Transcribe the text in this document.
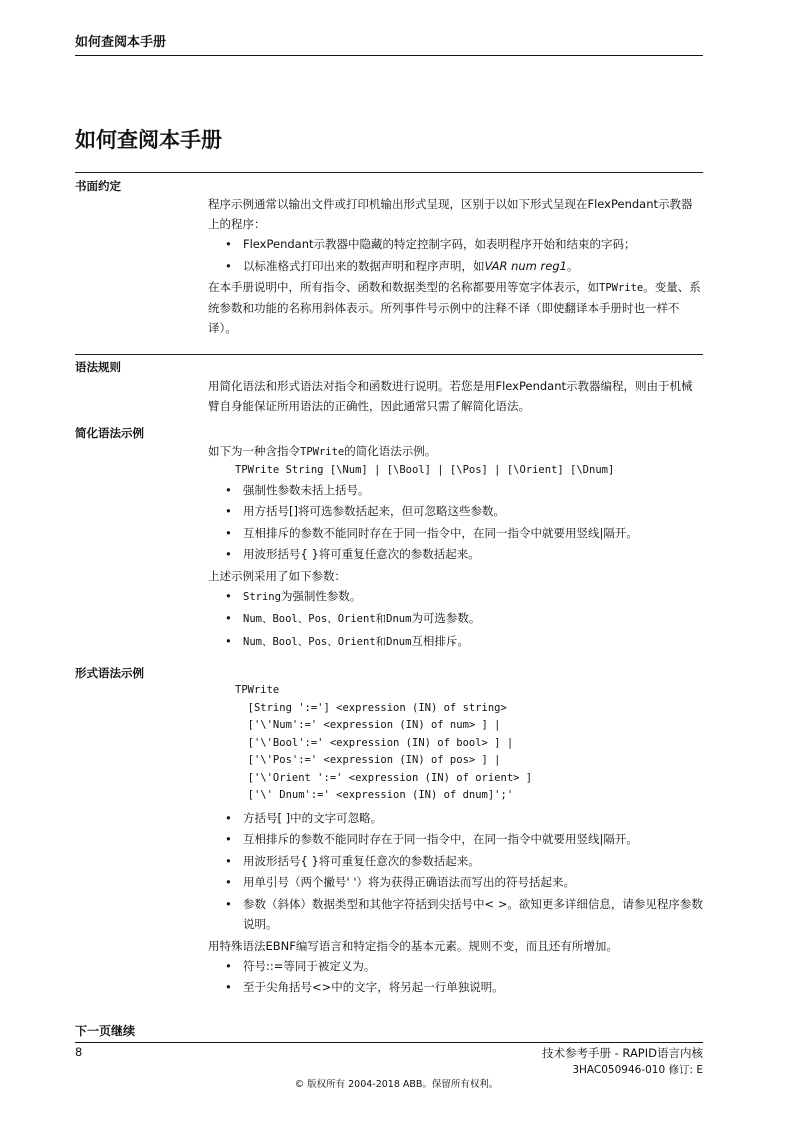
如何查阅本手册
如何查阅本手册
书面约定

程序示例通常以输出文件或打印机输出形式呈现，区别于以如下形式呈现在FlexPendant示教器上的程序：

• FlexPendant示教器中隐藏的特定控制字码，如表明程序开始和结束的字码；
• 以标准格式打印出来的数据声明和程序声明，如VAR num reg1。

在本手册说明中，所有指令、函数和数据类型的名称都要用等宽字体表示，如TPWrite。变量、系统参数和功能的名称用斜体表示。所列事件号示例中的注释不译（即使翻译本手册时也一样不译）。

语法规则

用简化语法和形式语法对指令和函数进行说明。若您是用FlexPendant示教器编程，则由于机械臂自身能保证所用语法的正确性，因此通常只需了解简化语法。

简化语法示例

如下为一种含指令TPWrite的简化语法示例。

TPWrite String [\Num] | [\Bool] | [\Pos] | [\Orient] [\Dnum]

• 强制性参数未括上括号。
• 用方括号[]将可选参数括起来，但可忽略这些参数。
• 互相排斥的参数不能同时存在于同一指令中，在同一指令中就要用竖线|隔开。
• 用波形括号{ }将可重复任意次的参数括起来。

上述示例采用了如下参数：

• String为强制性参数。
• Num、Bool、Pos、Orient和Dnum为可选参数。
• Num、Bool、Pos、Orient和Dnum互相排斥。
形式语法示例

TPWrite

[String ':='] <expression (IN) of string>

['\'Num':=' <expression (IN) of num> ] |

['\'Bool':=' <expression (IN) of bool> ] |

['\'Pos':=' <expression (IN) of pos> ] |

['\'Orient ':=' <expression (IN) of orient> ]

['\' Dnum':=' <expression (IN) of dnum]';'

• 方括号[ ]中的文字可忽略。
• 互相排斥的参数不能同时存在于同一指令中，在同一指令中就要用竖线|隔开。
• 用波形括号{ }将可重复任意次的参数括起来。
• 用单引号（两个撇号' '）将为获得正确语法而写出的符号括起来。
• 参数（斜体）数据类型和其他字符括到尖括号中< >。欲知更多详细信息，请参见程序参数说明。

用特殊语法EBNF编写语言和特定指令的基本元素。规则不变，而且还有所增加。

• 符号::=等同于被定义为。
• 至于尖角括号<>中的文字，将另起一行单独说明。
下一页继续
8	技术参考手册 - RAPID语言内核
3HAC050946-010 修订: E
© 版权所有 2004-2018 ABB。保留所有权利。
